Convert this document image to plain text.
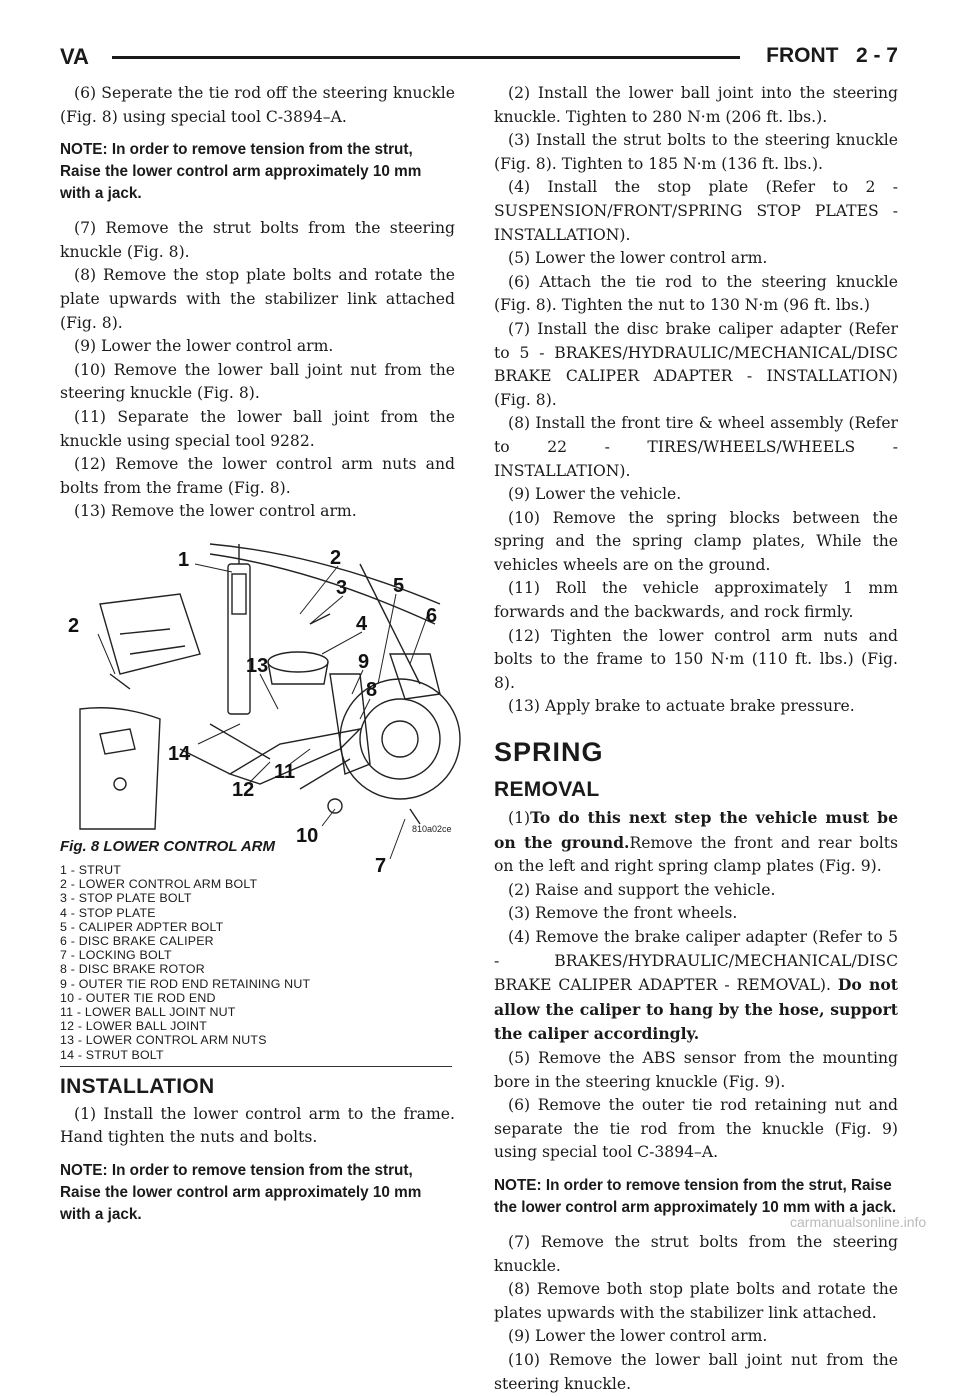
VA	FRONT   2 - 7

(6) Seperate the tie rod off the steering knuckle (Fig. 8) using special tool C-3894–A.

NOTE: In order to remove tension from the strut, Raise the lower control arm approximately 10 mm with a jack.

(7) Remove the strut bolts from the steering knuckle (Fig. 8).

(8) Remove the stop plate bolts and rotate the plate upwards with the stabilizer link attached (Fig. 8).

(9) Lower the lower control arm.

(10) Remove the lower ball joint nut from the steering knuckle (Fig. 8).

(11) Separate the lower ball joint from the knuckle using special tool 9282.

(12) Remove the lower control arm nuts and bolts from the frame (Fig. 8).

(13) Remove the lower control arm.

1	2
3
4
5
6
2
9
8
13
14
12
11
10
7
810a02ce
Fig. 8 LOWER CONTROL ARM
1 - STRUT
2 - LOWER CONTROL ARM BOLT
3 - STOP PLATE BOLT
4 - STOP PLATE
5 - CALIPER ADPTER BOLT
6 - DISC BRAKE CALIPER
7 - LOCKING BOLT
8 - DISC BRAKE ROTOR
9 - OUTER TIE ROD END RETAINING NUT
10 - OUTER TIE ROD END
11 - LOWER BALL JOINT NUT
12 - LOWER BALL JOINT
13 - LOWER CONTROL ARM NUTS
14 - STRUT BOLT
INSTALLATION

(1) Install the lower control arm to the frame. Hand tighten the nuts and bolts.

NOTE: In order to remove tension from the strut, Raise the lower control arm approximately 10 mm with a jack.

(2) Install the lower ball joint into the steering knuckle. Tighten to 280 N·m (206 ft. lbs.).

(3) Install the strut bolts to the steering knuckle (Fig. 8). Tighten to 185 N·m (136 ft. lbs.).

(4) Install the stop plate (Refer to 2 - SUSPENSION/FRONT/SPRING STOP PLATES - INSTALLATION).

(5) Lower the lower control arm.

(6) Attach the tie rod to the steering knuckle (Fig. 8). Tighten the nut to 130 N·m (96 ft. lbs.)

(7) Install the disc brake caliper adapter (Refer to 5 - BRAKES/HYDRAULIC/MECHANICAL/DISC BRAKE CALIPER ADAPTER - INSTALLATION) (Fig. 8).

(8) Install the front tire & wheel assembly (Refer to 22 - TIRES/WHEELS/WHEELS - INSTALLATION).

(9) Lower the vehicle.

(10) Remove the spring blocks between the spring and the spring clamp plates, While the vehicles wheels are on the ground.

(11) Roll the vehicle approximately 1 mm forwards and the backwards, and rock firmly.

(12) Tighten the lower control arm nuts and bolts to the frame to 150 N·m (110 ft. lbs.) (Fig. 8).

(13) Apply brake to actuate brake pressure.

SPRING
REMOVAL

(1)To do this next step the vehicle must be on the ground.Remove the front and rear bolts on the left and right spring clamp plates (Fig. 9).

(2) Raise and support the vehicle.

(3) Remove the front wheels.

(4) Remove the brake caliper adapter (Refer to 5 - BRAKES/HYDRAULIC/MECHANICAL/DISC BRAKE CALIPER ADAPTER - REMOVAL). Do not allow the caliper to hang by the hose, support the caliper accordingly.

(5) Remove the ABS sensor from the mounting bore in the steering knuckle (Fig. 9).

(6) Remove the outer tie rod retaining nut and separate the tie rod from the knuckle (Fig. 9) using special tool C-3894–A.

NOTE: In order to remove tension from the strut, Raise the lower control arm approximately 10 mm with a jack.

(7) Remove the strut bolts from the steering knuckle.

(8) Remove both stop plate bolts and rotate the plates upwards with the stabilizer link attached.

(9) Lower the lower control arm.

(10) Remove the lower ball joint nut from the steering knuckle.

carmanualsonline.info
